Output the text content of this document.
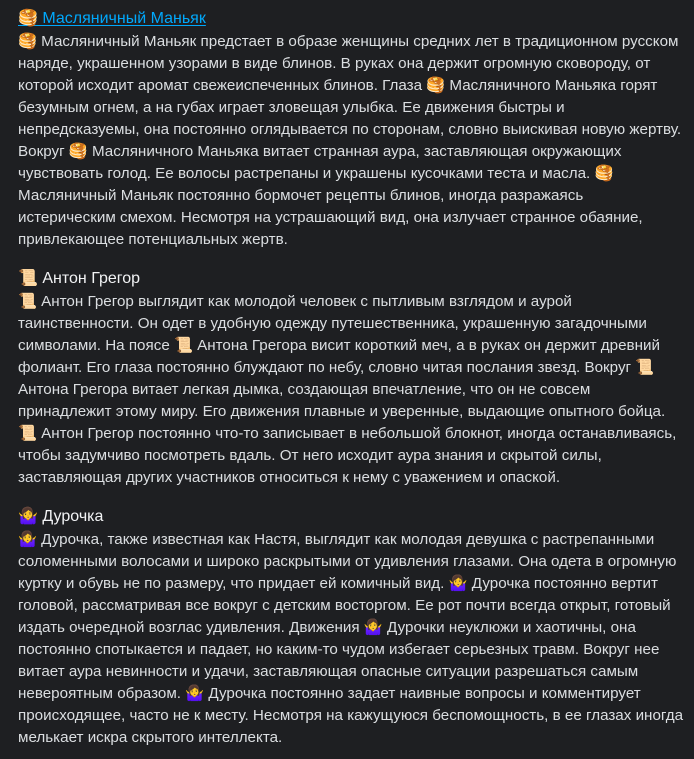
🥞 Масляничный Маньяк

🥞 Масляничный Маньяк предстает в образе женщины средних лет в традиционном русском наряде, украшенном узорами в виде блинов. В руках она держит огромную сковороду, от которой исходит аромат свежеиспеченных блинов. Глаза 🥞 Масляничного Маньяка горят безумным огнем, а на губах играет зловещая улыбка. Ее движения быстры и непредсказуемы, она постоянно оглядывается по сторонам, словно выискивая новую жертву. Вокруг 🥞 Масляничного Маньяка витает странная аура, заставляющая окружающих чувствовать голод. Ее волосы растрепаны и украшены кусочками теста и масла. 🥞 Масляничный Маньяк постоянно бормочет рецепты блинов, иногда разражаясь истерическим смехом. Несмотря на устрашающий вид, она излучает странное обаяние, привлекающее потенциальных жертв.

📜 Антон Грегор

📜 Антон Грегор выглядит как молодой человек с пытливым взглядом и аурой таинственности. Он одет в удобную одежду путешественника, украшенную загадочными символами. На поясе 📜 Антона Грегора висит короткий меч, а в руках он держит древний фолиант. Его глаза постоянно блуждают по небу, словно читая послания звезд. Вокруг 📜 Антона Грегора витает легкая дымка, создающая впечатление, что он не совсем принадлежит этому миру. Его движения плавные и уверенные, выдающие опытного бойца. 📜 Антон Грегор постоянно что-то записывает в небольшой блокнот, иногда останавливаясь, чтобы задумчиво посмотреть вдаль. От него исходит аура знания и скрытой силы, заставляющая других участников относиться к нему с уважением и опаской.

🤷‍♀️ Дурочка

🤷‍♀️ Дурочка, также известная как Настя, выглядит как молодая девушка с растрепанными соломенными волосами и широко раскрытыми от удивления глазами. Она одета в огромную куртку и обувь не по размеру, что придает ей комичный вид. 🤷‍♀️ Дурочка постоянно вертит головой, рассматривая все вокруг с детским восторгом. Ее рот почти всегда открыт, готовый издать очередной возглас удивления. Движения 🤷‍♀️ Дурочки неуклюжи и хаотичны, она постоянно спотыкается и падает, но каким-то чудом избегает серьезных травм. Вокруг нее витает аура невинности и удачи, заставляющая опасные ситуации разрешаться самым невероятным образом. 🤷‍♀️ Дурочка постоянно задает наивные вопросы и комментирует происходящее, часто не к месту. Несмотря на кажущуюся беспомощность, в ее глазах иногда мелькает искра скрытого интеллекта.
